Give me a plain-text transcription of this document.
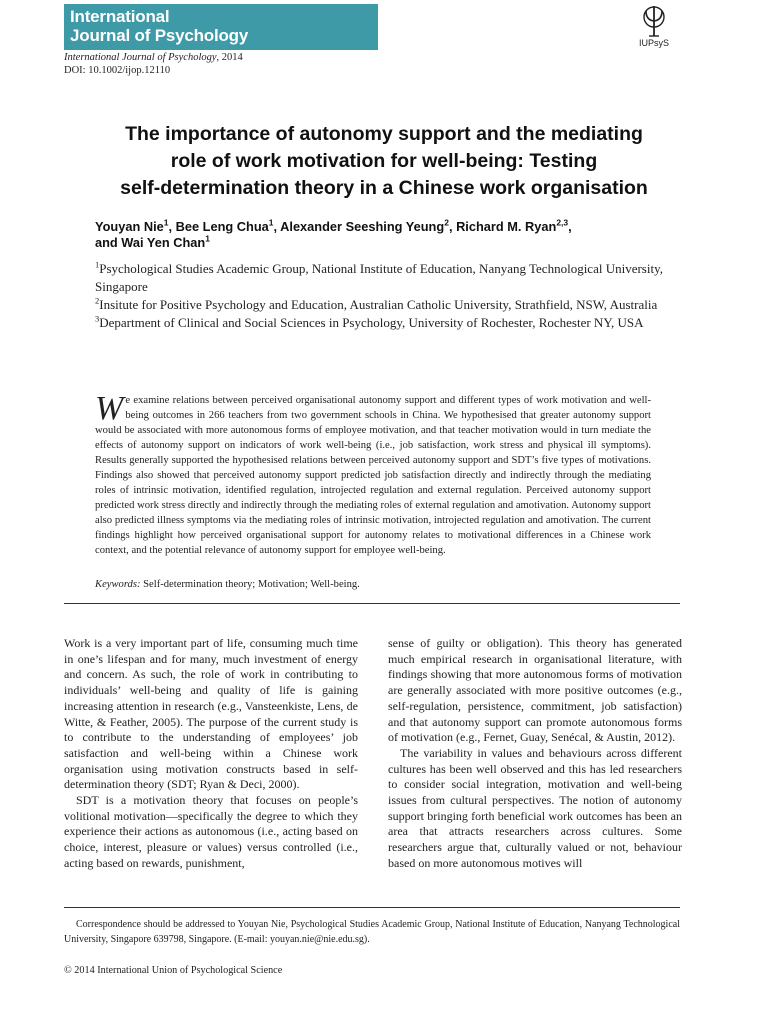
International
Journal of Psychology	IUPsyS
International Journal of Psychology, 2014
DOI: 10.1002/ijop.12110
The importance of autonomy support and the mediating
role of work motivation for well-being: Testing
self-determination theory in a Chinese work organisation
Youyan Nie$^1$, Bee Leng Chua$^1$, Alexander Seeshing Yeung$^2$, Richard M. Ryan$^{2,3}$,
and Wai Yen Chan$^1$

$^1$Psychological Studies Academic Group, National Institute of Education, Nanyang Technological University, Singapore

$^2$Insitute for Positive Psychology and Education, Australian Catholic University, Strathfield, NSW, Australia

$^3$Department of Clinical and Social Sciences in Psychology, University of Rochester, Rochester NY, USA

We examine relations between perceived organisational autonomy support and different types of work motivation and well-being outcomes in 266 teachers from two government schools in China. We hypothesised that greater autonomy support would be associated with more autonomous forms of employee motivation, and that teacher motivation would in turn mediate the effects of autonomy support on indicators of work well-being (i.e., job satisfaction, work stress and physical ill symptoms). Results generally supported the hypothesised relations between perceived autonomy support and SDT’s five types of motivations. Findings also showed that perceived autonomy support predicted job satisfaction directly and indirectly through the mediating roles of intrinsic motivation, identified regulation, introjected regulation and external regulation. Perceived autonomy support predicted work stress directly and indirectly through the mediating roles of external regulation and amotivation. Autonomy support also predicted illness symptoms via the mediating roles of intrinsic motivation, introjected regulation and amotivation. The current findings highlight how perceived organisational support for autonomy relates to motivational differences in a Chinese work context, and the potential relevance of autonomy support for employee well-being.
Keywords: Self-determination theory; Motivation; Well-being.

Work is a very important part of life, consuming much time in one’s lifespan and for many, much investment of energy and concern. As such, the role of work in contributing to individuals’ well-being and quality of life is gaining increasing attention in research (e.g., Vansteenkiste, Lens, de Witte, & Feather, 2005). The purpose of the current study is to contribute to the understanding of employees’ job satisfaction and well-being within a Chinese work organisation using motivation constructs based in self-determination theory (SDT; Ryan & Deci, 2000).

SDT is a motivation theory that focuses on people’s volitional motivation—specifically the degree to which they experience their actions as autonomous (i.e., acting based on choice, interest, pleasure or values) versus controlled (i.e., acting based on rewards, punishment,

sense of guilty or obligation). This theory has generated much empirical research in organisational literature, with findings showing that more autonomous forms of motivation are generally associated with more positive outcomes (e.g., self-regulation, persistence, commitment, job satisfaction) and that autonomy support can promote autonomous forms of motivation (e.g., Fernet, Guay, Senécal, & Austin, 2012).

The variability in values and behaviours across different cultures has been well observed and this has led researchers to consider social integration, motivation and well-being issues from cultural perspectives. The notion of autonomy support bringing forth beneficial work outcomes has been an area that attracts researchers across cultures. Some researchers argue that, culturally valued or not, behaviour based on more autonomous motives will

Correspondence should be addressed to Youyan Nie, Psychological Studies Academic Group, National Institute of Education, Nanyang Technological University, Singapore 639798, Singapore. (E-mail: youyan.nie@nie.edu.sg).
© 2014 International Union of Psychological Science
